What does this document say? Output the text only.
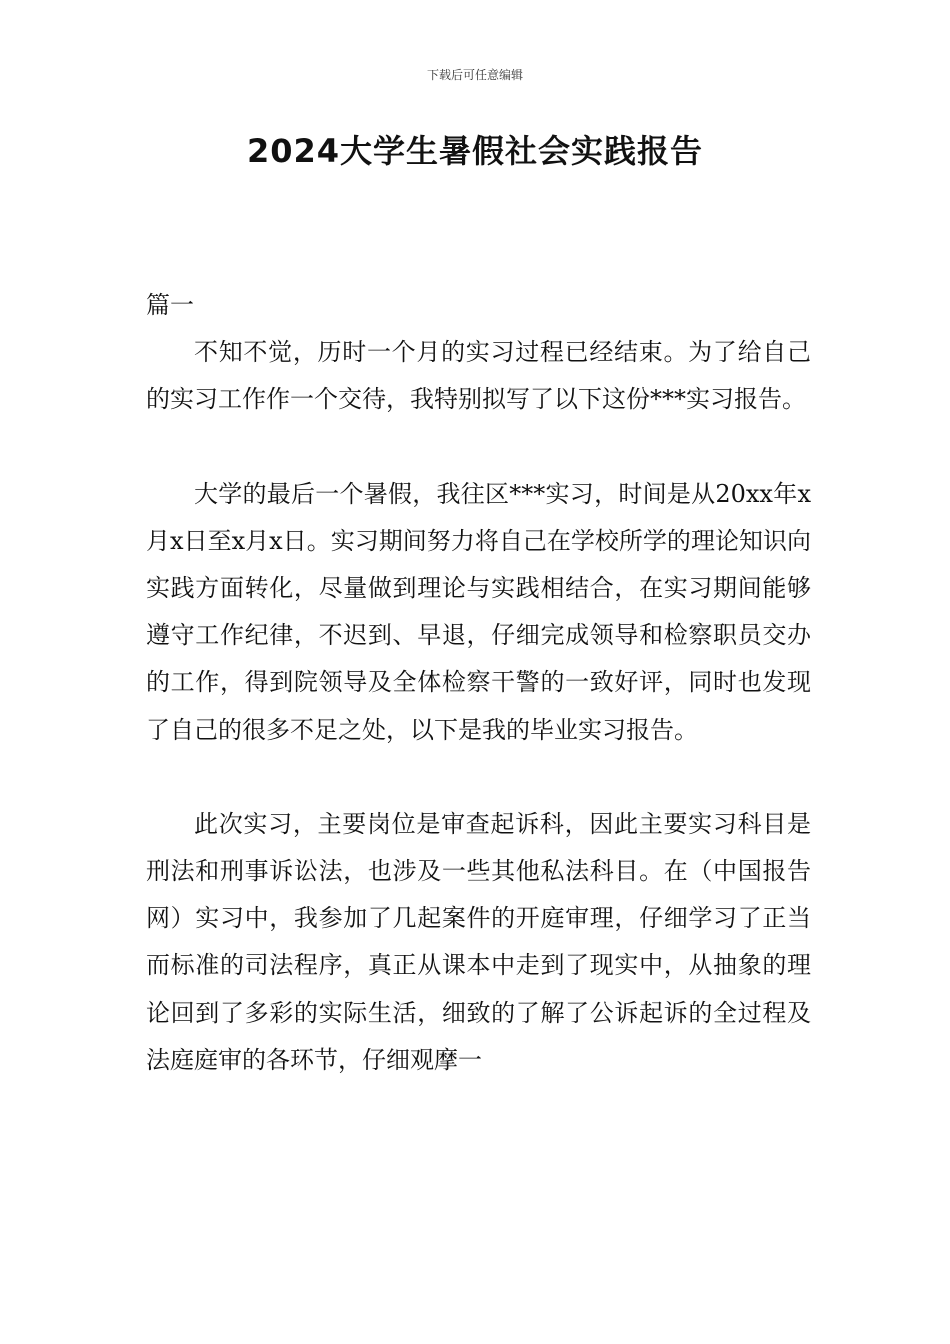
下载后可任意编辑
2024大学生暑假社会实践报告

篇一

不知不觉，历时一个月的实习过程已经结束。为了给自己的实习工作作一个交待，我特别拟写了以下这份***实习报告。

大学的最后一个暑假，我往区***实习，时间是从20xx年x月x日至x月x日。实习期间努力将自己在学校所学的理论知识向实践方面转化，尽量做到理论与实践相结合，在实习期间能够遵守工作纪律，不迟到、早退，仔细完成领导和检察职员交办的工作，得到院领导及全体检察干警的一致好评，同时也发现了自己的很多不足之处，以下是我的毕业实习报告。

此次实习，主要岗位是审查起诉科，因此主要实习科目是刑法和刑事诉讼法，也涉及一些其他私法科目。在（中国报告网）实习中，我参加了几起案件的开庭审理，仔细学习了正当而标准的司法程序，真正从课本中走到了现实中，从抽象的理论回到了多彩的实际生活，细致的了解了公诉起诉的全过程及法庭庭审的各环节，仔细观摩一
